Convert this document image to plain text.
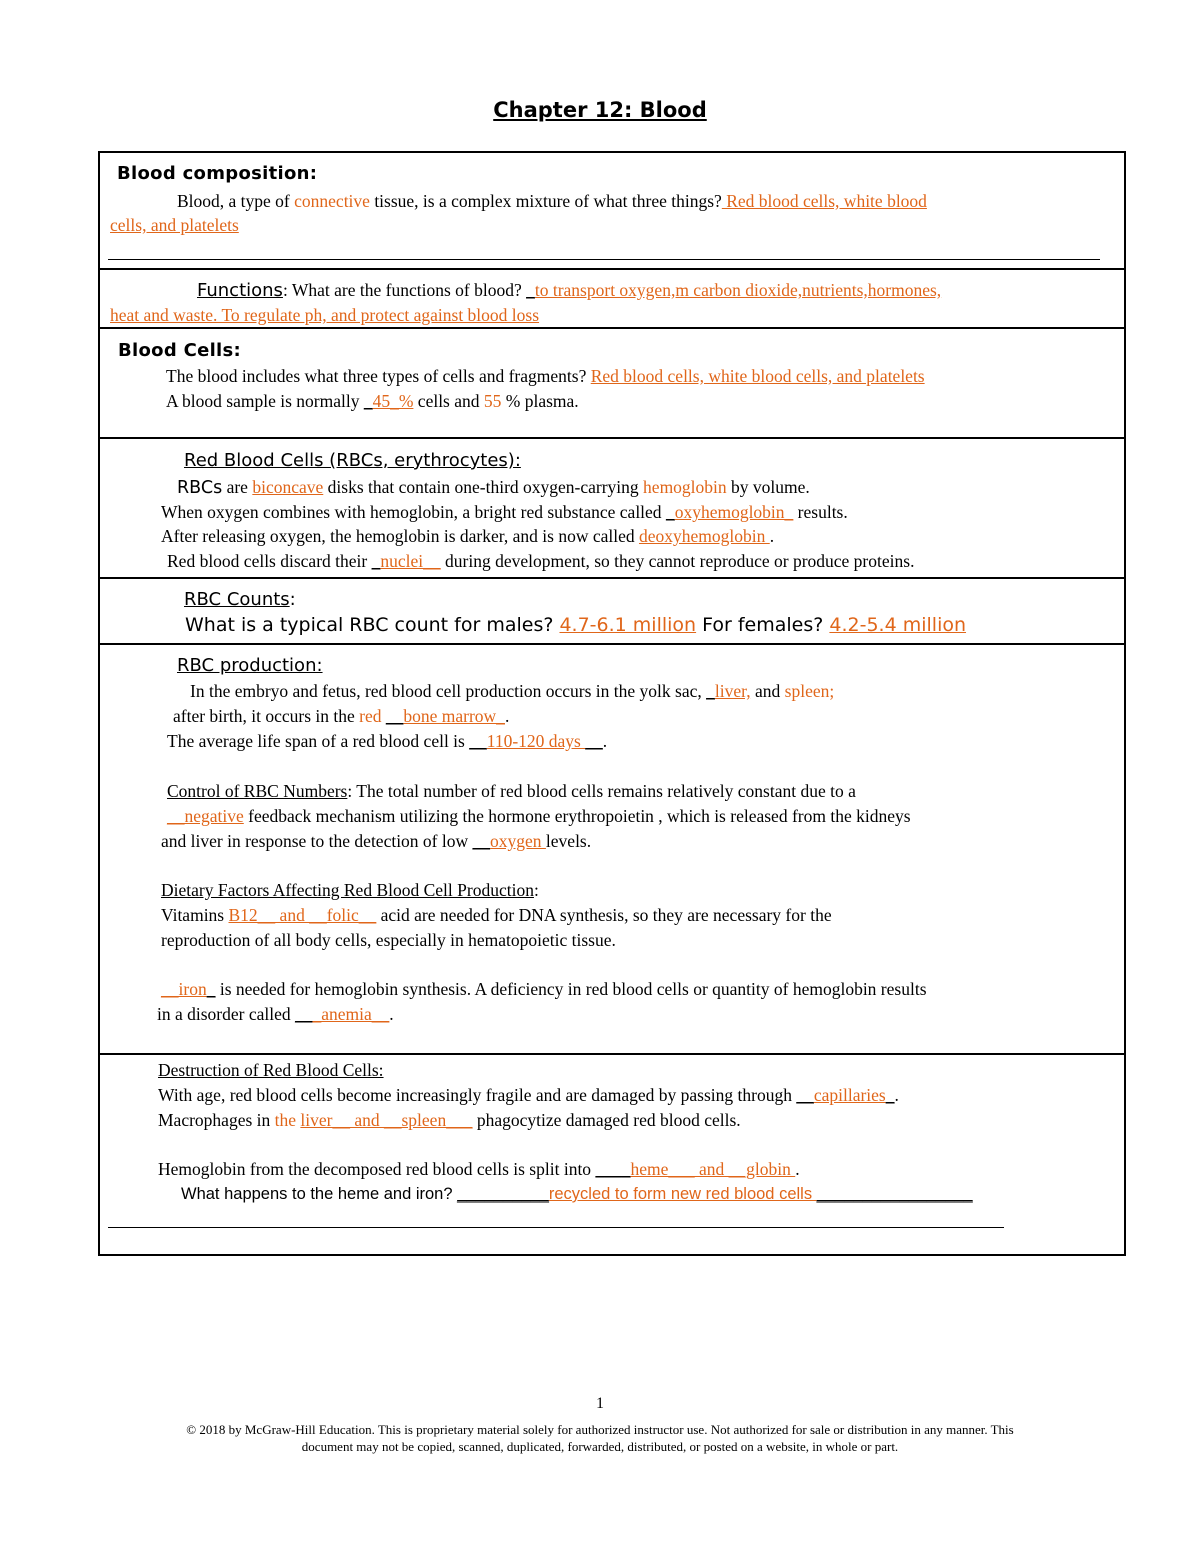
Chapter 12: Blood
Blood composition:
Blood, a type of connective tissue, is a complex mixture of what three things? Red blood cells, white blood
cells, and platelets
Functions: What are the functions of blood? _to transport oxygen,m carbon dioxide,nutrients,hormones,
heat and waste. To regulate ph, and protect against blood loss
Blood Cells:
The blood includes what three types of cells and fragments? Red blood cells, white blood cells, and platelets
A blood sample is normally _45_% cells and 55 % plasma.
Red Blood Cells (RBCs, erythrocytes):
RBCs are biconcave disks that contain one-third oxygen-carrying hemoglobin by volume.
When oxygen combines with hemoglobin, a bright red substance called _oxyhemoglobin_ results.
After releasing oxygen, the hemoglobin is darker, and is now called deoxyhemoglobin .
Red blood cells discard their _nuclei__ during development, so they cannot reproduce or produce proteins.
RBC Counts:
What is a typical RBC count for males? 4.7-6.1 million For females? 4.2-5.4 million
RBC production:
In the embryo and fetus, red blood cell production occurs in the yolk sac, _liver, and spleen;
after birth, it occurs in the red __bone marrow_.
The average life span of a red blood cell is __110-120 days __.
Control of RBC Numbers: The total number of red blood cells remains relatively constant due to a
__negative feedback mechanism utilizing the hormone erythropoietin , which is released from the kidneys
and liver in response to the detection of low __oxygen levels.
Dietary Factors Affecting Red Blood Cell Production:
Vitamins B12__ and __folic__ acid are needed for DNA synthesis, so they are necessary for the
reproduction of all body cells, especially in hematopoietic tissue.
__iron_ is needed for hemoglobin synthesis. A deficiency in red blood cells or quantity of hemoglobin results
in a disorder called ___anemia__.
Destruction of Red Blood Cells:
With age, red blood cells become increasingly fragile and are damaged by passing through __capillaries_.
Macrophages in the liver__ and __spleen___ phagocytize damaged red blood cells.
Hemoglobin from the decomposed red blood cells is split into ____heme___ and __globin .
What happens to the heme and iron? __________recycled to form new red blood cells _________________
1
© 2018 by McGraw-Hill Education. This is proprietary material solely for authorized instructor use. Not authorized for sale or distribution in any manner. This
document may not be copied, scanned, duplicated, forwarded, distributed, or posted on a website, in whole or part.
